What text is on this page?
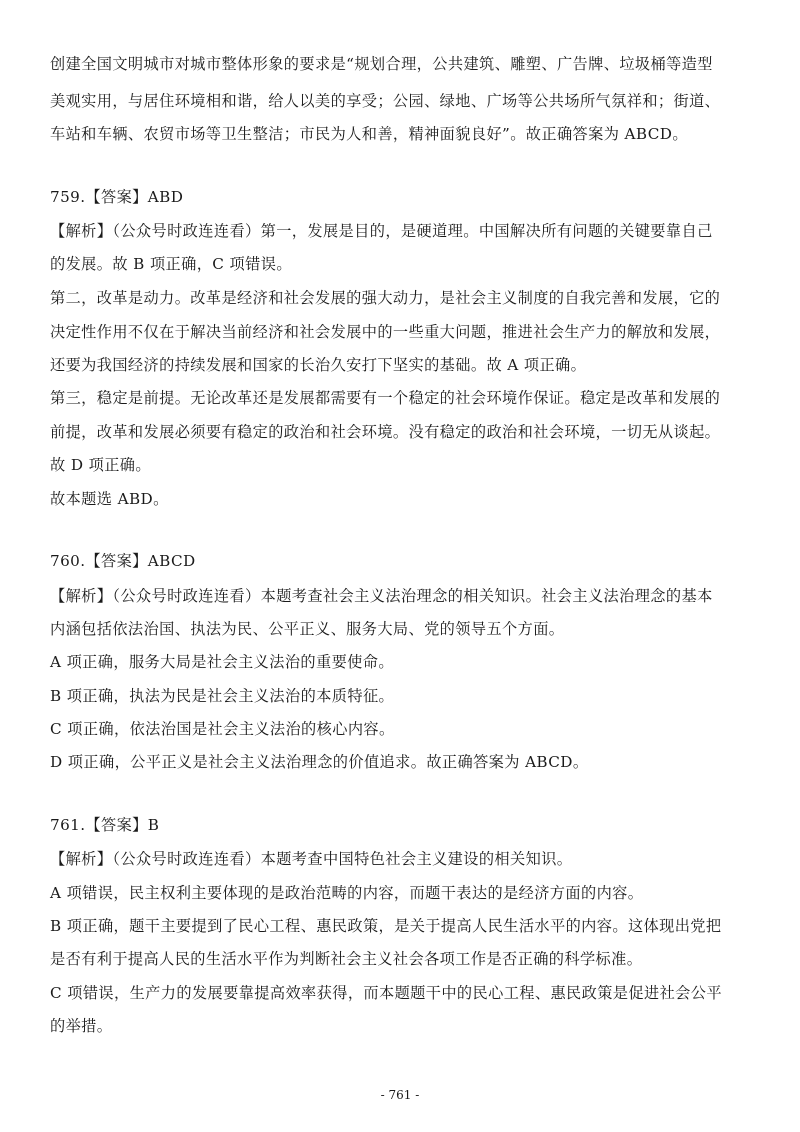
创建全国文明城市对城市整体形象的要求是“规划合理，公共建筑、雕塑、广告牌、垃圾桶等造型
美观实用，与居住环境相和谐，给人以美的享受；公园、绿地、广场等公共场所气氛祥和；街道、
车站和车辆、农贸市场等卫生整洁；市民为人和善，精神面貌良好”。故正确答案为 ABCD。
759.【答案】ABD
【解析】（公众号时政连连看）第一，发展是目的，是硬道理。中国解决所有问题的关键要靠自己
的发展。故 B 项正确，C 项错误。
第二，改革是动力。改革是经济和社会发展的强大动力，是社会主义制度的自我完善和发展，它的
决定性作用不仅在于解决当前经济和社会发展中的一些重大问题，推进社会生产力的解放和发展，
还要为我国经济的持续发展和国家的长治久安打下坚实的基础。故 A 项正确。
第三，稳定是前提。无论改革还是发展都需要有一个稳定的社会环境作保证。稳定是改革和发展的
前提，改革和发展必须要有稳定的政治和社会环境。没有稳定的政治和社会环境，一切无从谈起。
故 D 项正确。
故本题选 ABD。
760.【答案】ABCD
【解析】（公众号时政连连看）本题考查社会主义法治理念的相关知识。社会主义法治理念的基本
内涵包括依法治国、执法为民、公平正义、服务大局、党的领导五个方面。
A 项正确，服务大局是社会主义法治的重要使命。
B 项正确，执法为民是社会主义法治的本质特征。
C 项正确，依法治国是社会主义法治的核心内容。
D 项正确，公平正义是社会主义法治理念的价值追求。故正确答案为 ABCD。
761.【答案】B
【解析】（公众号时政连连看）本题考查中国特色社会主义建设的相关知识。
A 项错误，民主权利主要体现的是政治范畴的内容，而题干表达的是经济方面的内容。
B 项正确，题干主要提到了民心工程、惠民政策，是关于提高人民生活水平的内容。这体现出党把
是否有利于提高人民的生活水平作为判断社会主义社会各项工作是否正确的科学标准。
C 项错误，生产力的发展要靠提高效率获得，而本题题干中的民心工程、惠民政策是促进社会公平
的举措。
- 761 -
